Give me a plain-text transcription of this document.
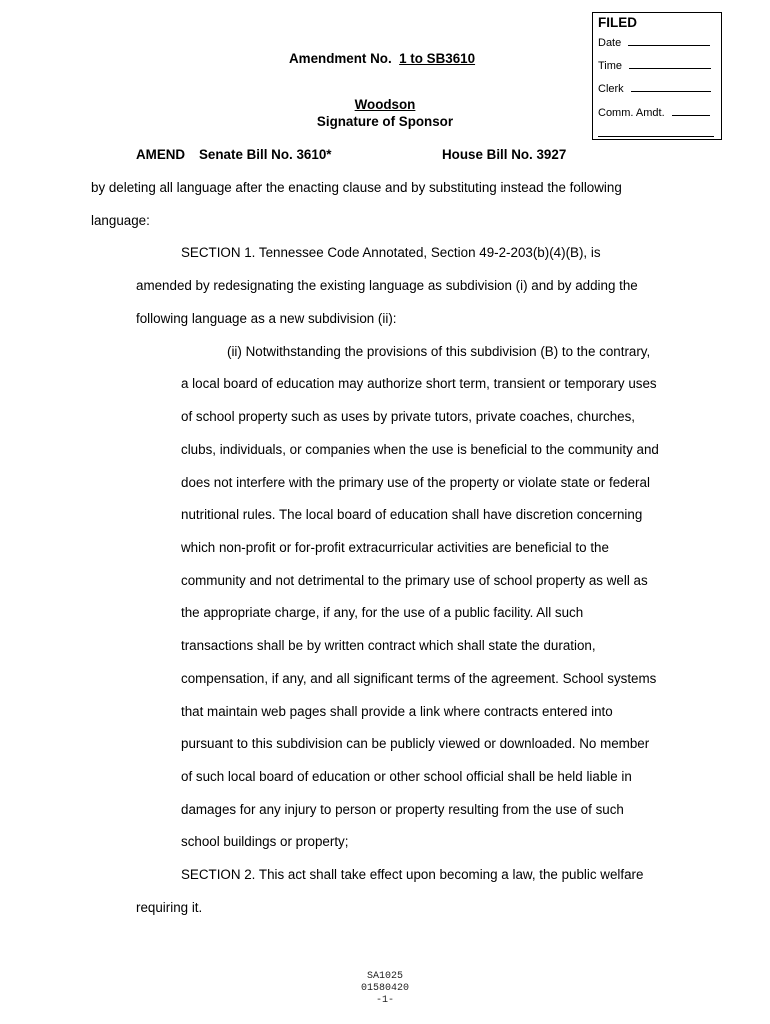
FILED
Date
Time
Clerk
Comm. Amdt.
Amendment No. 1 to SB3610
Woodson
Signature of Sponsor
AMEND Senate Bill No. 3610*	House Bill No. 3927
by deleting all language after the enacting clause and by substituting instead the following
language:
SECTION 1. Tennessee Code Annotated, Section 49-2-203(b)(4)(B), is
amended by redesignating the existing language as subdivision (i) and by adding the
following language as a new subdivision (ii):
(ii) Notwithstanding the provisions of this subdivision (B) to the contrary,
a local board of education may authorize short term, transient or temporary uses
of school property such as uses by private tutors, private coaches, churches,
clubs, individuals, or companies when the use is beneficial to the community and
does not interfere with the primary use of the property or violate state or federal
nutritional rules. The local board of education shall have discretion concerning
which non-profit or for-profit extracurricular activities are beneficial to the
community and not detrimental to the primary use of school property as well as
the appropriate charge, if any, for the use of a public facility. All such
transactions shall be by written contract which shall state the duration,
compensation, if any, and all significant terms of the agreement. School systems
that maintain web pages shall provide a link where contracts entered into
pursuant to this subdivision can be publicly viewed or downloaded. No member
of such local board of education or other school official shall be held liable in
damages for any injury to person or property resulting from the use of such
school buildings or property;
SECTION 2. This act shall take effect upon becoming a law, the public welfare
requiring it.
SA1025
01580420
-1-
